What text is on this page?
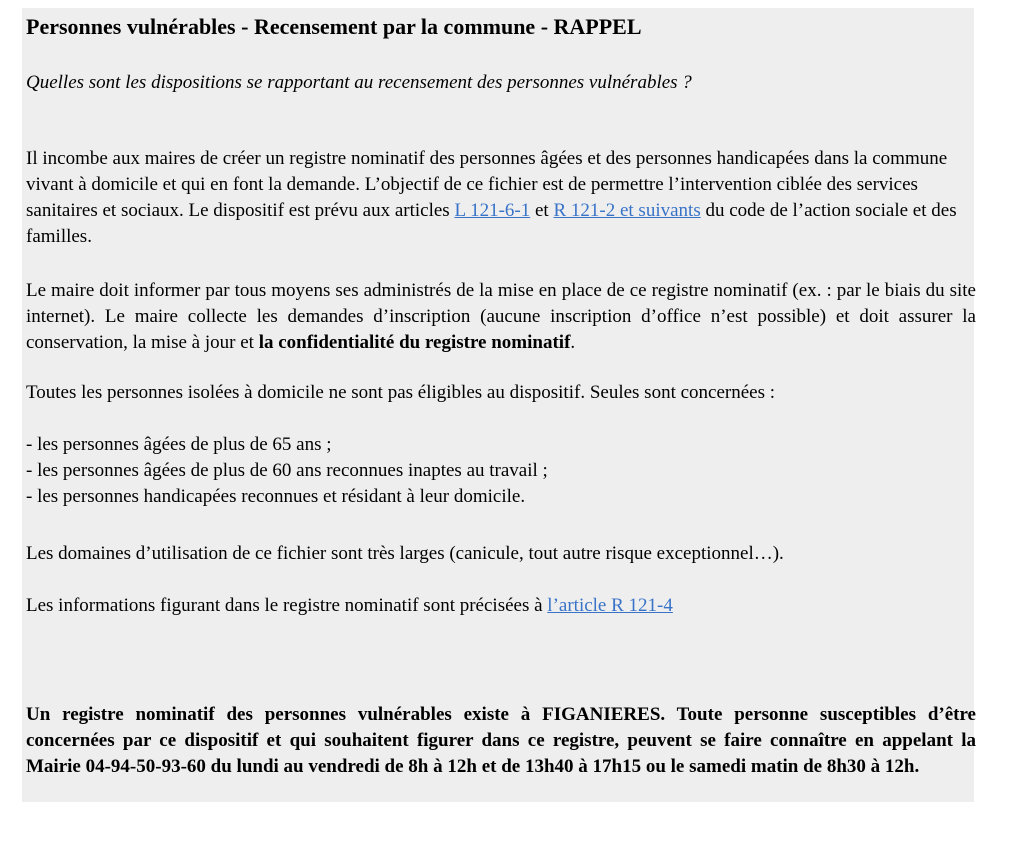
Personnes vulnérables - Recensement par la commune - RAPPEL

Quelles sont les dispositions se rapportant au recensement des personnes vulnérables ?

Il incombe aux maires de créer un registre nominatif des personnes âgées et des personnes handicapées dans la commune vivant à domicile et qui en font la demande. L’objectif de ce fichier est de permettre l’intervention ciblée des services sanitaires et sociaux. Le dispositif est prévu aux articles L 121-6-1 et R 121-2 et suivants du code de l’action sociale et des familles.

Le maire doit informer par tous moyens ses administrés de la mise en place de ce registre nominatif (ex. : par le biais du site internet). Le maire collecte les demandes d’inscription (aucune inscription d’office n’est possible) et doit assurer la conservation, la mise à jour et la confidentialité du registre nominatif.

Toutes les personnes isolées à domicile ne sont pas éligibles au dispositif. Seules sont concernées :

- les personnes âgées de plus de 65 ans ;
- les personnes âgées de plus de 60 ans reconnues inaptes au travail ;
- les personnes handicapées reconnues et résidant à leur domicile.

Les domaines d’utilisation de ce fichier sont très larges (canicule, tout autre risque exceptionnel…).

Les informations figurant dans le registre nominatif sont précisées à l’article R 121-4

Un registre nominatif des personnes vulnérables existe à FIGANIERES. Toute personne susceptibles d’être concernées par ce dispositif et qui souhaitent figurer dans ce registre, peuvent se faire connaître en appelant la Mairie 04-94-50-93-60 du lundi au vendredi de 8h à 12h et de 13h40 à 17h15 ou le samedi matin de 8h30 à 12h.
